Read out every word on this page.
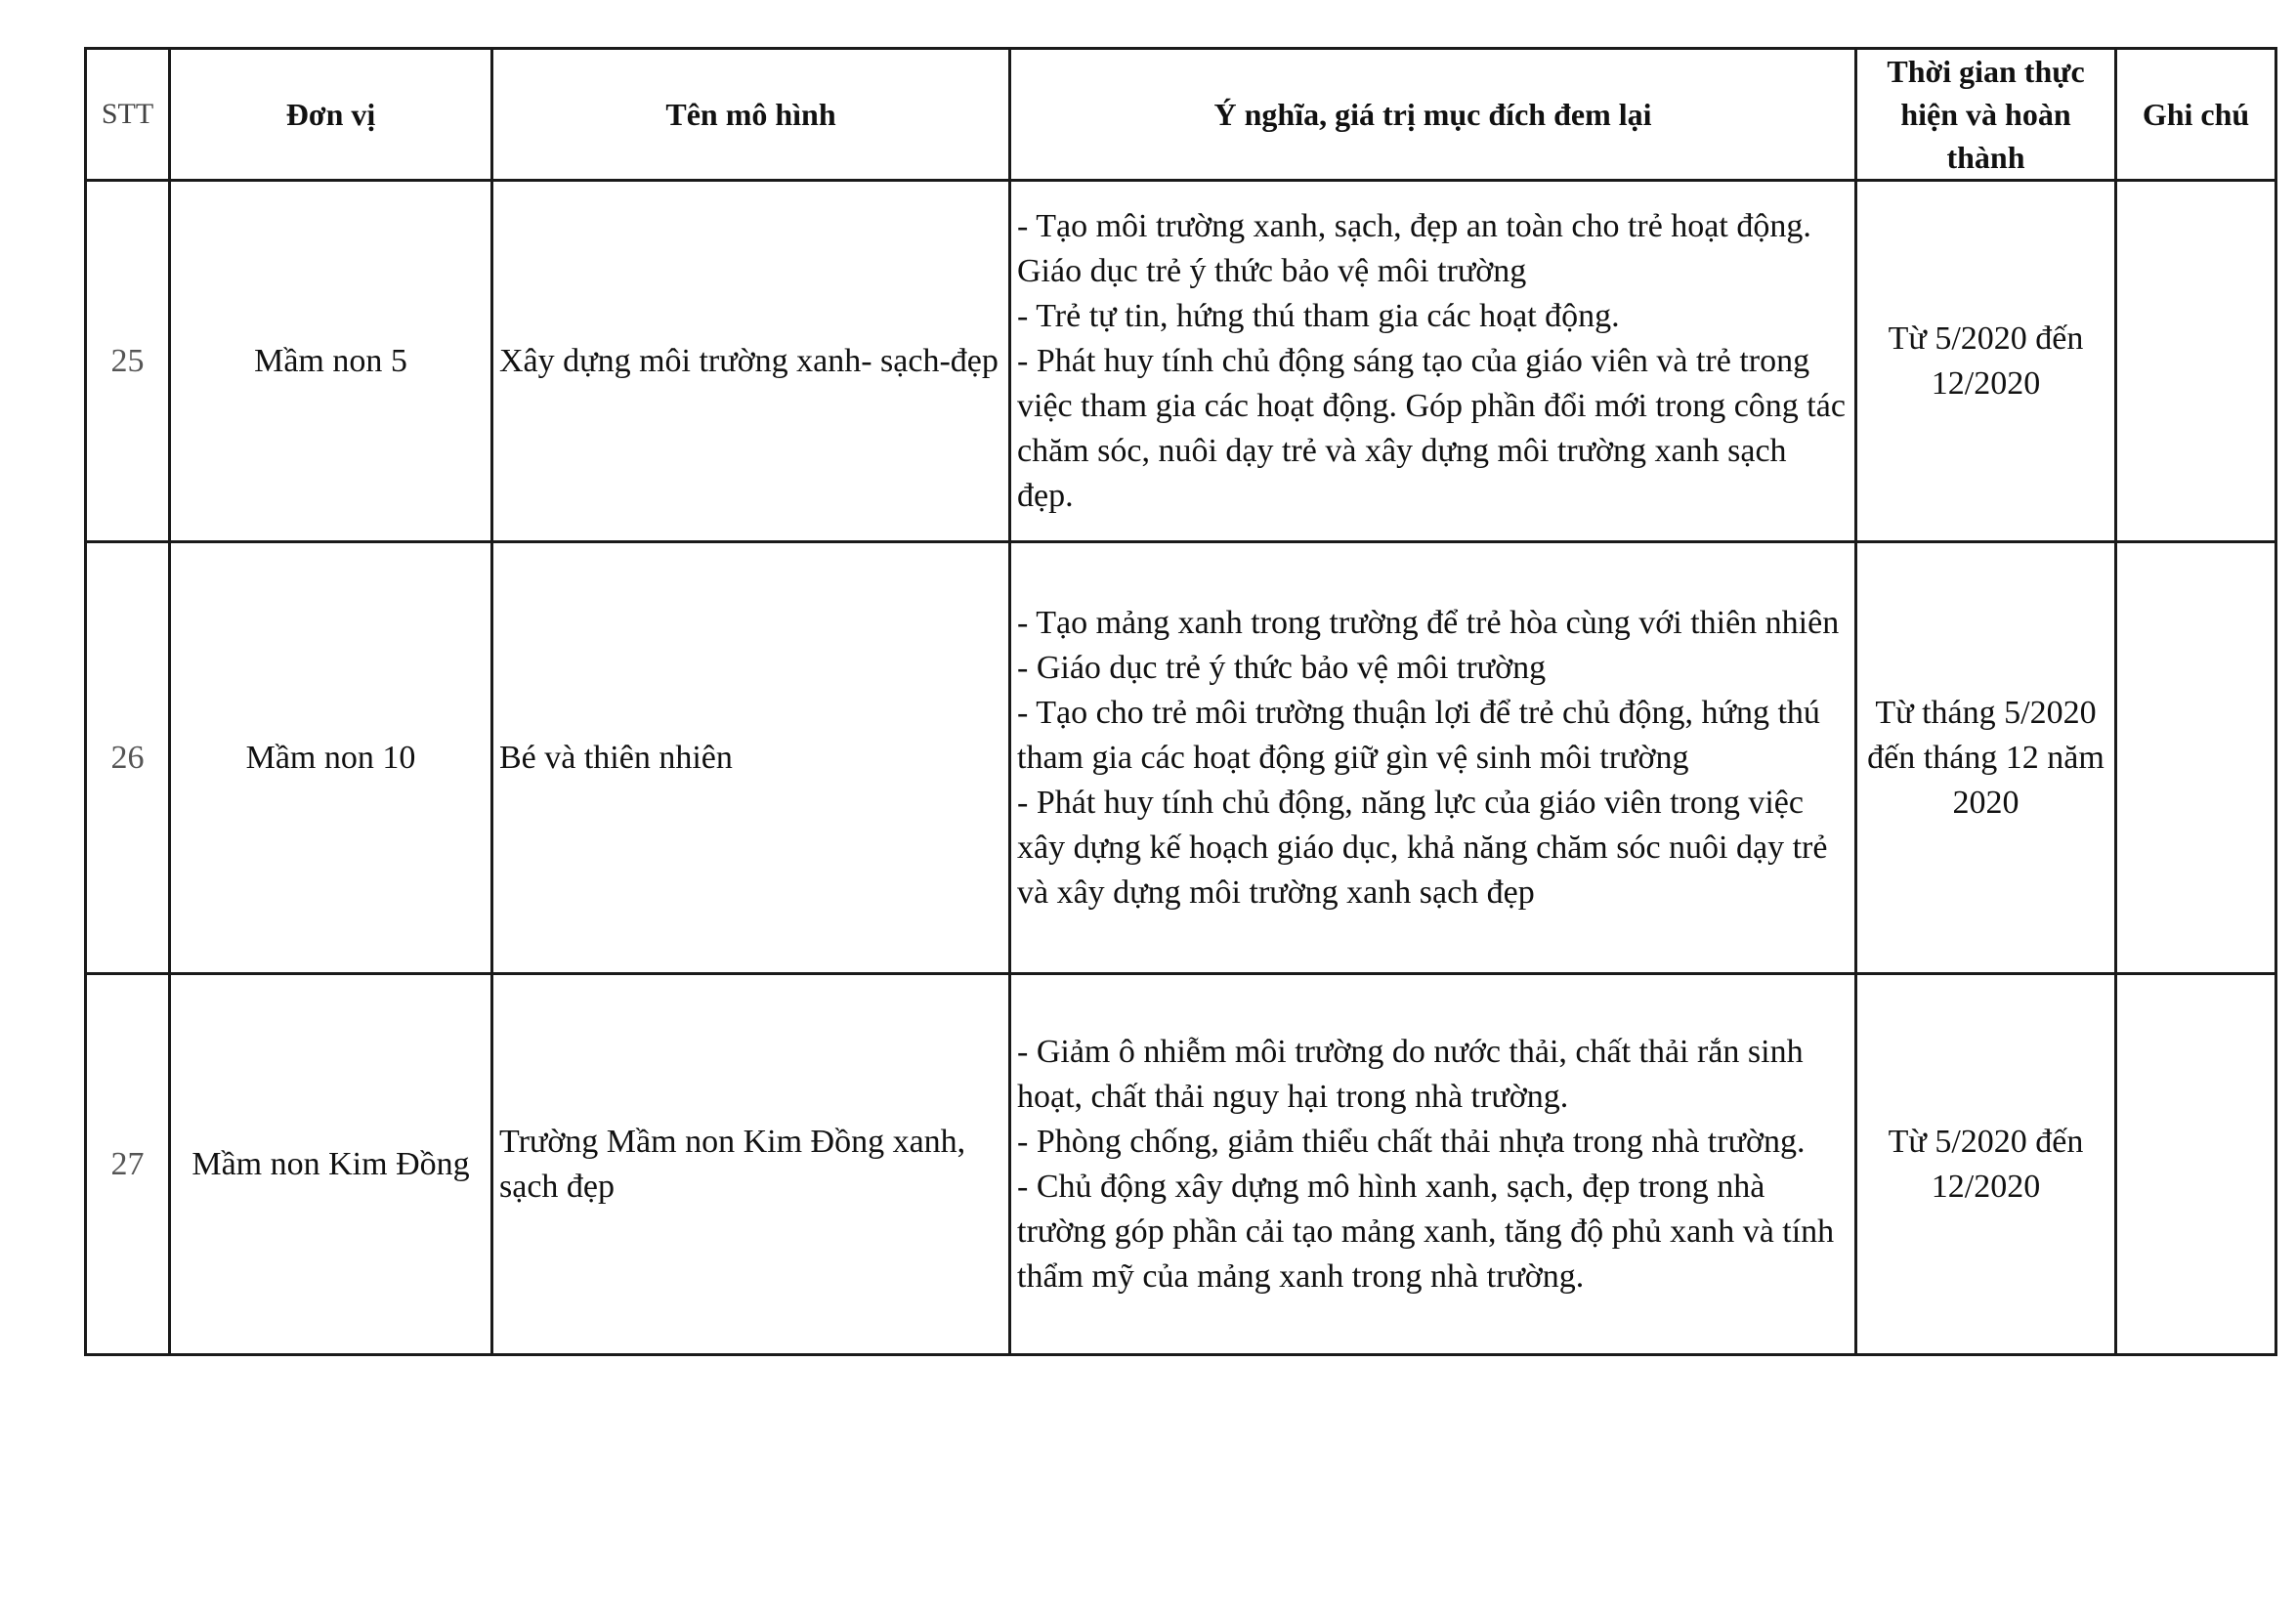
STT	Đơn vị	Tên mô hình	Ý nghĩa, giá trị mục đích đem lại	Thời gian thực hiện và hoàn thành	Ghi chú
25	Mầm non 5	Xây dựng môi trường xanh- sạch-đẹp	- Tạo môi trường xanh, sạch, đẹp an toàn cho trẻ hoạt động. Giáo dục trẻ ý thức bảo vệ môi trường
- Trẻ tự tin, hứng thú tham gia các hoạt động.
- Phát huy tính chủ động sáng tạo của giáo viên và trẻ trong việc tham gia các hoạt động. Góp phần đổi mới trong công tác chăm sóc, nuôi dạy trẻ và xây dựng môi trường xanh sạch đẹp.	Từ 5/2020 đến 12/2020	
26	Mầm non 10	Bé và thiên nhiên	- Tạo mảng xanh trong trường để trẻ hòa cùng với thiên nhiên
- Giáo dục trẻ ý thức bảo vệ môi trường
- Tạo cho trẻ môi trường thuận lợi để trẻ chủ động, hứng thú tham gia các hoạt động giữ gìn vệ sinh môi trường
- Phát huy tính chủ động, năng lực của giáo viên trong việc xây dựng kế hoạch giáo dục, khả năng chăm sóc nuôi dạy trẻ và xây dựng môi trường xanh sạch đẹp	Từ tháng 5/2020 đến tháng 12 năm 2020	
27	Mầm non Kim Đồng	Trường Mầm non Kim Đồng xanh, sạch đẹp	- Giảm ô nhiễm môi trường do nước thải, chất thải rắn sinh hoạt, chất thải nguy hại trong nhà trường.
- Phòng chống, giảm thiểu chất thải nhựa trong nhà trường.
- Chủ động xây dựng mô hình xanh, sạch, đẹp trong nhà trường góp phần cải tạo mảng xanh, tăng độ phủ xanh và tính thẩm mỹ của mảng xanh trong nhà trường.	Từ 5/2020 đến 12/2020	
